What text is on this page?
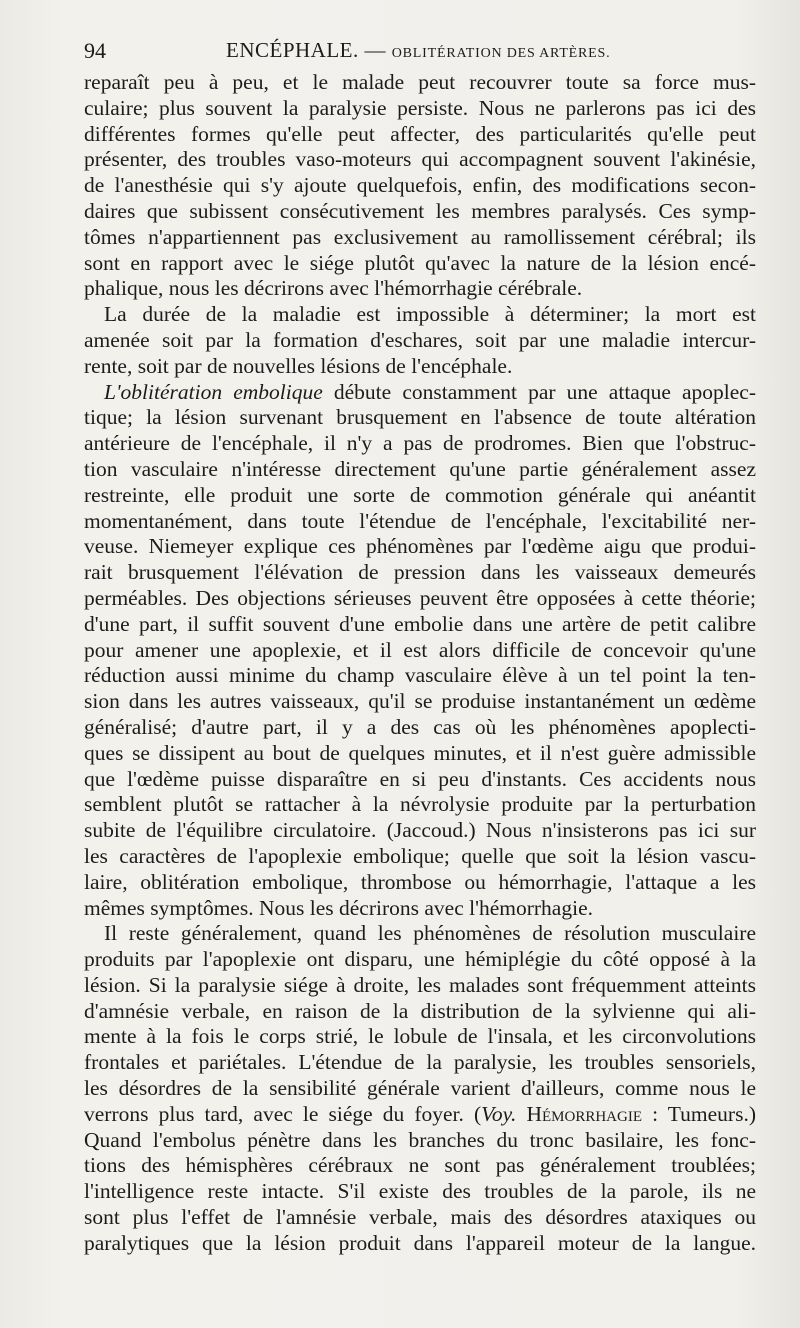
94	ENCÉPHALE. — OBLITÉRATION DES ARTÈRES.
reparaît peu à peu, et le malade peut recouvrer toute sa force mus-
culaire; plus souvent la paralysie persiste. Nous ne parlerons pas ici des
différentes formes qu'elle peut affecter, des particularités qu'elle peut
présenter, des troubles vaso-moteurs qui accompagnent souvent l'akinésie,
de l'anesthésie qui s'y ajoute quelquefois, enfin, des modifications secon-
daires que subissent consécutivement les membres paralysés. Ces symp-
tômes n'appartiennent pas exclusivement au ramollissement cérébral; ils
sont en rapport avec le siége plutôt qu'avec la nature de la lésion encé-
phalique, nous les décrirons avec l'hémorrhagie cérébrale.
La durée de la maladie est impossible à déterminer; la mort est
amenée soit par la formation d'eschares, soit par une maladie intercur-
rente, soit par de nouvelles lésions de l'encéphale.
L'oblitération embolique débute constamment par une attaque apoplec-
tique; la lésion survenant brusquement en l'absence de toute altération
antérieure de l'encéphale, il n'y a pas de prodromes. Bien que l'obstruc-
tion vasculaire n'intéresse directement qu'une partie généralement assez
restreinte, elle produit une sorte de commotion générale qui anéantit
momentanément, dans toute l'étendue de l'encéphale, l'excitabilité ner-
veuse. Niemeyer explique ces phénomènes par l'œdème aigu que produi-
rait brusquement l'élévation de pression dans les vaisseaux demeurés
perméables. Des objections sérieuses peuvent être opposées à cette théorie;
d'une part, il suffit souvent d'une embolie dans une artère de petit calibre
pour amener une apoplexie, et il est alors difficile de concevoir qu'une
réduction aussi minime du champ vasculaire élève à un tel point la ten-
sion dans les autres vaisseaux, qu'il se produise instantanément un œdème
généralisé; d'autre part, il y a des cas où les phénomènes apoplecti-
ques se dissipent au bout de quelques minutes, et il n'est guère admissible
que l'œdème puisse disparaître en si peu d'instants. Ces accidents nous
semblent plutôt se rattacher à la névrolysie produite par la perturbation
subite de l'équilibre circulatoire. (Jaccoud.) Nous n'insisterons pas ici sur
les caractères de l'apoplexie embolique; quelle que soit la lésion vascu-
laire, oblitération embolique, thrombose ou hémorrhagie, l'attaque a les
mêmes symptômes. Nous les décrirons avec l'hémorrhagie.
Il reste généralement, quand les phénomènes de résolution musculaire
produits par l'apoplexie ont disparu, une hémiplégie du côté opposé à la
lésion. Si la paralysie siége à droite, les malades sont fréquemment atteints
d'amnésie verbale, en raison de la distribution de la sylvienne qui ali-
mente à la fois le corps strié, le lobule de l'insala, et les circonvolutions
frontales et pariétales. L'étendue de la paralysie, les troubles sensoriels,
les désordres de la sensibilité générale varient d'ailleurs, comme nous le
verrons plus tard, avec le siége du foyer. (Voy. Hémorrhagie : Tumeurs.)
Quand l'embolus pénètre dans les branches du tronc basilaire, les fonc-
tions des hémisphères cérébraux ne sont pas généralement troublées;
l'intelligence reste intacte. S'il existe des troubles de la parole, ils ne
sont plus l'effet de l'amnésie verbale, mais des désordres ataxiques ou
paralytiques que la lésion produit dans l'appareil moteur de la langue.
